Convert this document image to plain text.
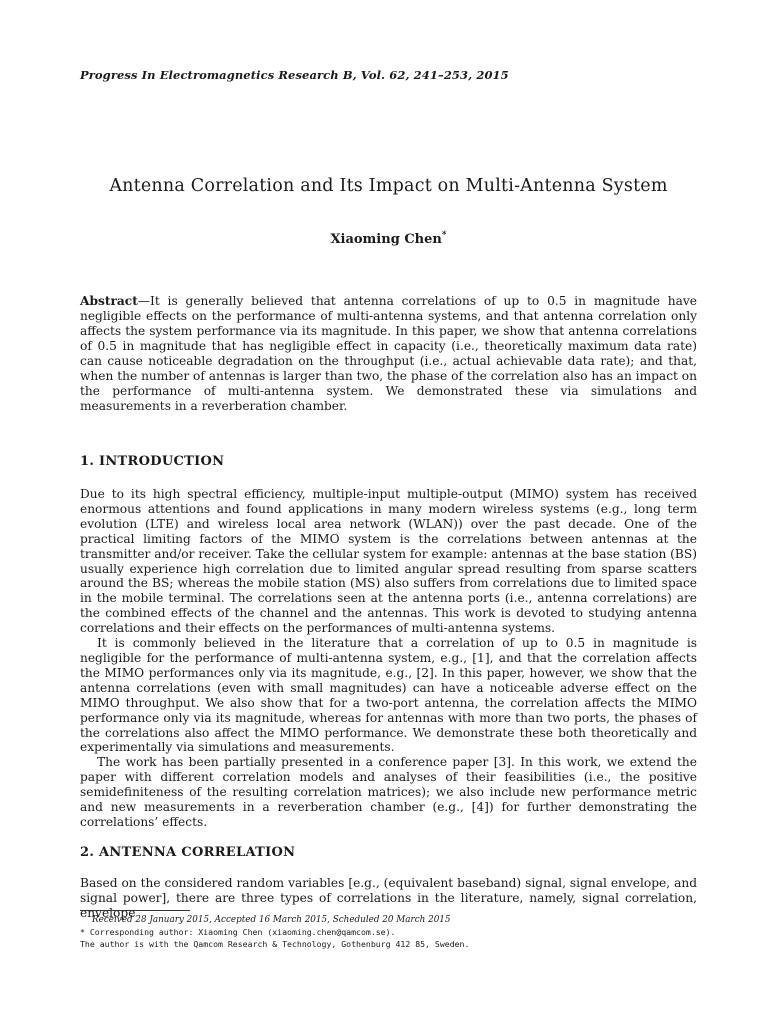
Progress In Electromagnetics Research B, Vol. 62, 241–253, 2015
Antenna Correlation and Its Impact on Multi-Antenna System
Xiaoming Chen*
Abstract—It is generally believed that antenna correlations of up to 0.5 in magnitude have negligible effects on the performance of multi-antenna systems, and that antenna correlation only affects the system performance via its magnitude. In this paper, we show that antenna correlations of 0.5 in magnitude that has negligible effect in capacity (i.e., theoretically maximum data rate) can cause noticeable degradation on the throughput (i.e., actual achievable data rate); and that, when the number of antennas is larger than two, the phase of the correlation also has an impact on the performance of multi-antenna system. We demonstrated these via simulations and measurements in a reverberation chamber.
1. INTRODUCTION

Due to its high spectral efficiency, multiple-input multiple-output (MIMO) system has received enormous attentions and found applications in many modern wireless systems (e.g., long term evolution (LTE) and wireless local area network (WLAN)) over the past decade. One of the practical limiting factors of the MIMO system is the correlations between antennas at the transmitter and/or receiver. Take the cellular system for example: antennas at the base station (BS) usually experience high correlation due to limited angular spread resulting from sparse scatters around the BS; whereas the mobile station (MS) also suffers from correlations due to limited space in the mobile terminal. The correlations seen at the antenna ports (i.e., antenna correlations) are the combined effects of the channel and the antennas. This work is devoted to studying antenna correlations and their effects on the performances of multi-antenna systems.

It is commonly believed in the literature that a correlation of up to 0.5 in magnitude is negligible for the performance of multi-antenna system, e.g., [1], and that the correlation affects the MIMO performances only via its magnitude, e.g., [2]. In this paper, however, we show that the antenna correlations (even with small magnitudes) can have a noticeable adverse effect on the MIMO throughput. We also show that for a two-port antenna, the correlation affects the MIMO performance only via its magnitude, whereas for antennas with more than two ports, the phases of the correlations also affect the MIMO performance. We demonstrate these both theoretically and experimentally via simulations and measurements.

The work has been partially presented in a conference paper [3]. In this work, we extend the paper with different correlation models and analyses of their feasibilities (i.e., the positive semidefiniteness of the resulting correlation matrices); we also include new performance metric and new measurements in a reverberation chamber (e.g., [4]) for further demonstrating the correlations’ effects.

2. ANTENNA CORRELATION

Based on the considered random variables [e.g., (equivalent baseband) signal, signal envelope, and signal power], there are three types of correlations in the literature, namely, signal correlation, envelope

Received 28 January 2015, Accepted 16 March 2015, Scheduled 20 March 2015
* Corresponding author: Xiaoming Chen (xiaoming.chen@qamcom.se).
The author is with the Qamcom Research & Technology, Gothenburg 412 85, Sweden.
